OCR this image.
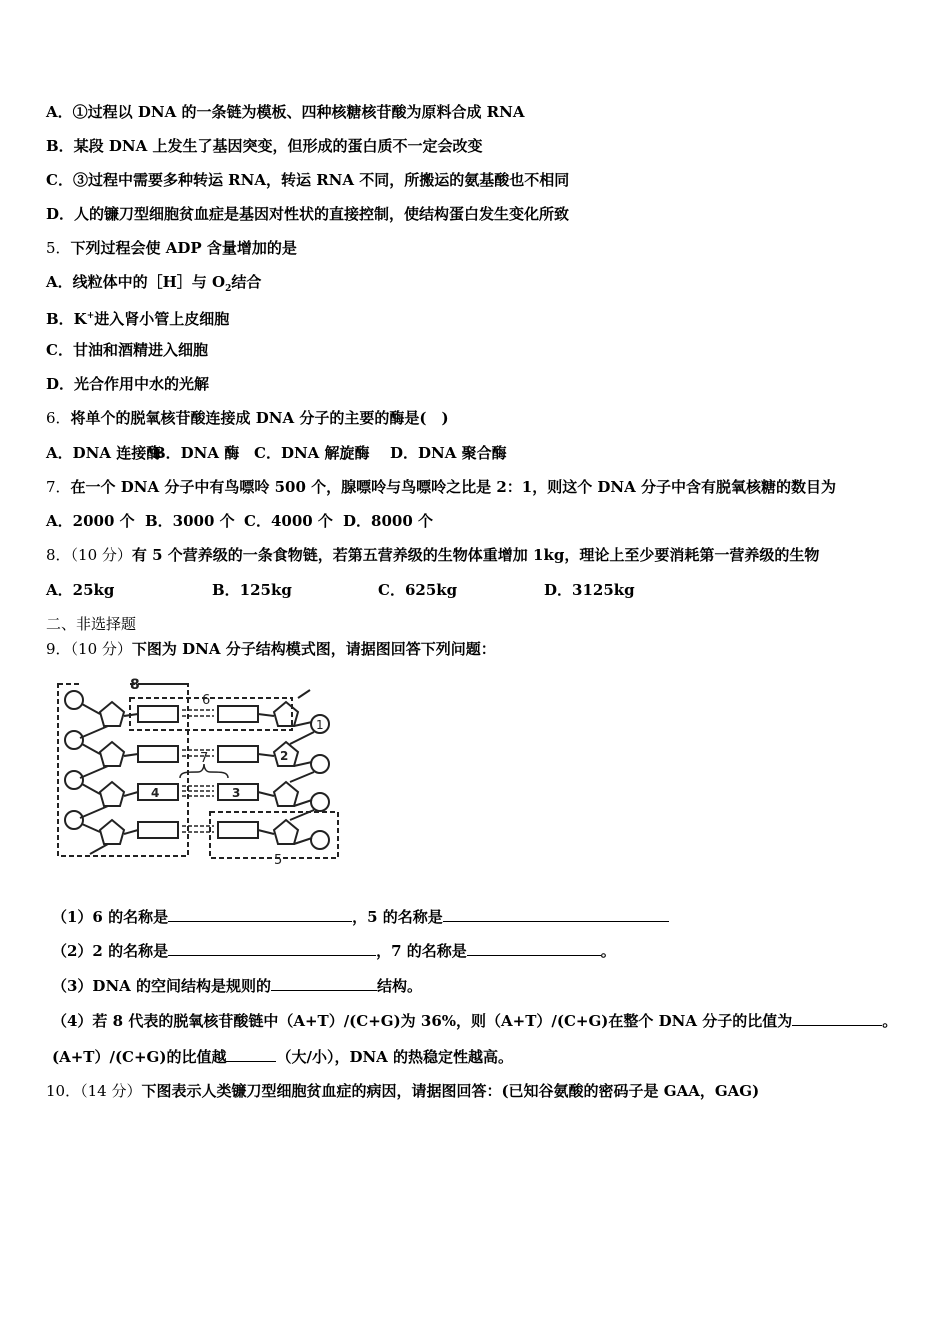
A．①过程以 DNA 的一条链为模板、四种核糖核苷酸为原料合成 RNA
B．某段 DNA 上发生了基因突变，但形成的蛋白质不一定会改变
C．③过程中需要多种转运 RNA，转运 RNA 不同，所搬运的氨基酸也不相同
D．人的镰刀型细胞贫血症是基因对性状的直接控制，使结构蛋白发生变化所致
5．下列过程会使 ADP 含量增加的是
A．线粒体中的［H］与 $O_2$结合
B．K+进入肾小管上皮细胞
C．甘油和酒精进入细胞
D．光合作用中水的光解
6．将单个的脱氧核苷酸连接成 DNA 分子的主要的酶是(　)
A．DNA 连接酶B．DNA 酶 C．DNA 解旋酶 D．DNA 聚合酶
7．在一个 DNA 分子中有鸟嘌呤 500 个，腺嘌呤与鸟嘌呤之比是 2：1，则这个 DNA 分子中含有脱氧核糖的数目为
A．2000 个 B．3000 个 C．4000 个 D．8000 个
8．（10 分）有 5 个营养级的一条食物链，若第五营养级的生物体重增加 1kg，理论上至少要消耗第一营养级的生物
A．25kg	B．125kg	C．625kg	D．3125kg
二、非选择题
9．（10 分）下图为 DNA 分子结构模式图，请据图回答下列问题：
8
6
5
4
7
3
2
1
（1）6 的名称是	，5 的名称是
（2）2 的名称是	，7 的名称是	。
（3）DNA 的空间结构是规则的	结构。
（4）若 8 代表的脱氧核苷酸链中（A+T）/(C+G)为 36%，则（A+T）/(C+G)在整个 DNA 分子的比值为	。
(A+T）/(C+G)的比值越	（大/小），DNA 的热稳定性越高。
10．（14 分）下图表示人类镰刀型细胞贫血症的病因，请据图回答：(已知谷氨酸的密码子是 GAA，GAG)
